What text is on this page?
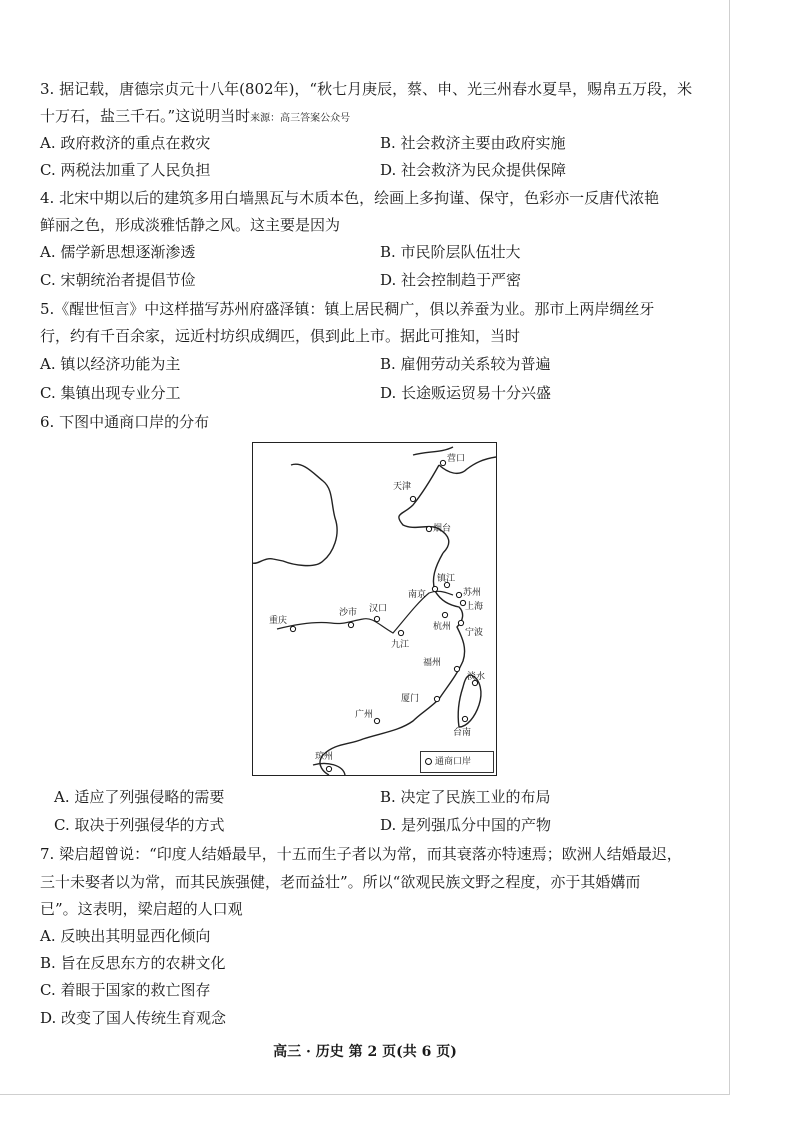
3. 据记载，唐德宗贞元十八年(802年)，“秋七月庚辰，蔡、申、光三州春水夏旱，赐帛五万段，米
十万石，盐三千石。”这说明当时来源：高三答案公众号
A. 政府救济的重点在救灾	B. 社会救济主要由政府实施
C. 两税法加重了人民负担	D. 社会救济为民众提供保障
4. 北宋中期以后的建筑多用白墙黑瓦与木质本色，绘画上多拘谨、保守，色彩亦一反唐代浓艳
鲜丽之色，形成淡雅恬静之风。这主要是因为
A. 儒学新思想逐渐渗透	B. 市民阶层队伍壮大
C. 宋朝统治者提倡节俭	D. 社会控制趋于严密
5.《醒世恒言》中这样描写苏州府盛泽镇：镇上居民稠广，俱以养蚕为业。那市上两岸绸丝牙
行，约有千百余家，远近村坊织成绸匹，俱到此上市。据此可推知，当时
A. 镇以经济功能为主	B. 雇佣劳动关系较为普遍
C. 集镇出现专业分工	D. 长途贩运贸易十分兴盛
6. 下图中通商口岸的分布
营口
天津
烟台
镇江
苏州
南京
上海
沙市 汉口
重庆
杭州
宁波
九江
福州
淡水
厦门
广州
台南
琼州	通商口岸
A. 适应了列强侵略的需要	B. 决定了民族工业的布局
C. 取决于列强侵华的方式	D. 是列强瓜分中国的产物
7. 梁启超曾说：“印度人结婚最早，十五而生子者以为常，而其衰落亦特速焉；欧洲人结婚最迟，
三十未娶者以为常，而其民族强健，老而益壮”。所以“欲观民族文野之程度，亦于其婚媾而
已”。这表明，梁启超的人口观
A. 反映出其明显西化倾向
B. 旨在反思东方的农耕文化
C. 着眼于国家的救亡图存
D. 改变了国人传统生育观念
高三 · 历史 第 2 页(共 6 页)
